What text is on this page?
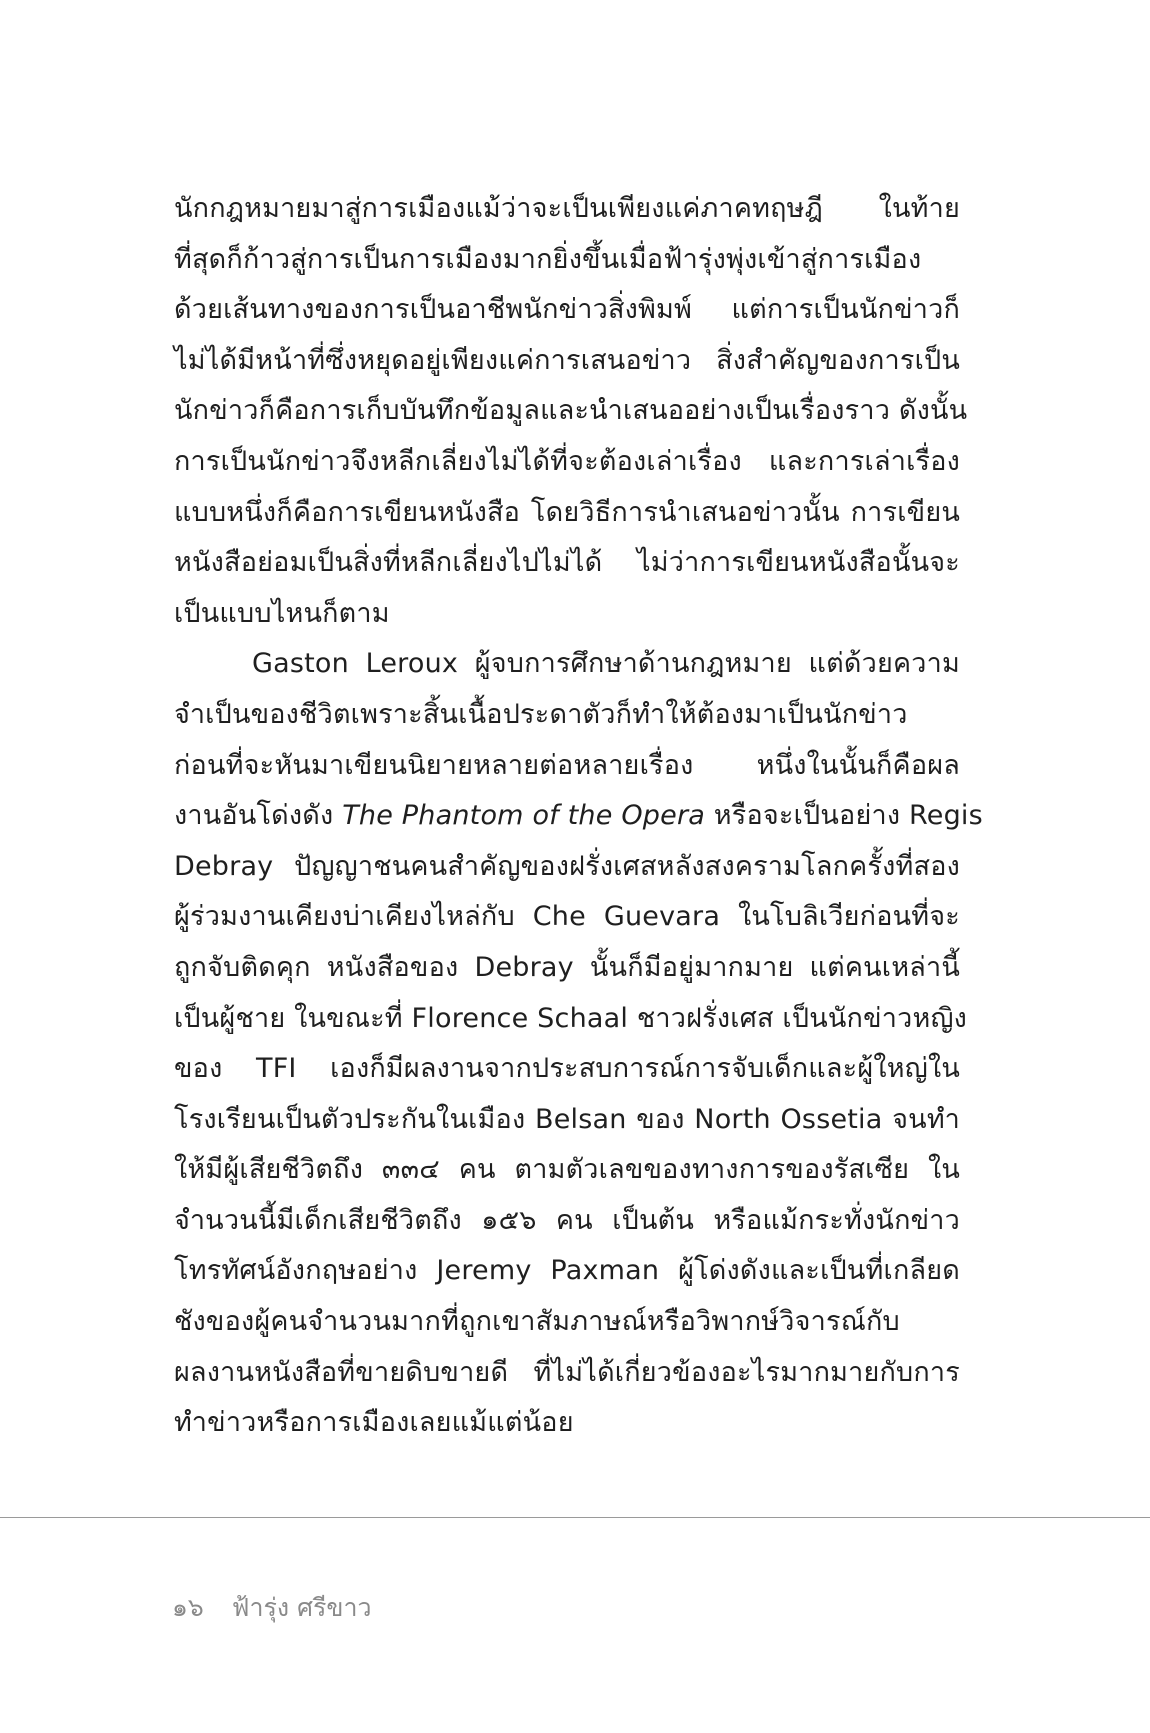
นักกฎหมายมาสู่การเมืองแม้ว่าจะเป็นเพียงแค่ภาคทฤษฎี ในท้าย
ที่สุดก็ก้าวสู่การเป็นการเมืองมากยิ่งขึ้นเมื่อฟ้ารุ่งพุ่งเข้าสู่การเมือง
ด้วยเส้นทางของการเป็นอาชีพนักข่าวสิ่งพิมพ์ แต่การเป็นนักข่าวก็
ไม่ได้มีหน้าที่ซึ่งหยุดอยู่เพียงแค่การเสนอข่าว สิ่งสำคัญของการเป็น
นักข่าวก็คือการเก็บบันทึกข้อมูลและนำเสนออย่างเป็นเรื่องราว ดังนั้น
การเป็นนักข่าวจึงหลีกเลี่ยงไม่ได้ที่จะต้องเล่าเรื่อง และการเล่าเรื่อง
แบบหนึ่งก็คือการเขียนหนังสือ โดยวิธีการนำเสนอข่าวนั้น การเขียน
หนังสือย่อมเป็นสิ่งที่หลีกเลี่ยงไปไม่ได้ ไม่ว่าการเขียนหนังสือนั้นจะ
เป็นแบบไหนก็ตาม
Gaston Leroux ผู้จบการศึกษาด้านกฎหมาย แต่ด้วยความ
จำเป็นของชีวิตเพราะสิ้นเนื้อประดาตัวก็ทำให้ต้องมาเป็นนักข่าว
ก่อนที่จะหันมาเขียนนิยายหลายต่อหลายเรื่อง หนึ่งในนั้นก็คือผล
งานอันโด่งดัง The Phantom of the Opera หรือจะเป็นอย่าง Regis
Debray ปัญญาชนคนสำคัญของฝรั่งเศสหลังสงครามโลกครั้งที่สอง
ผู้ร่วมงานเคียงบ่าเคียงไหล่กับ Che Guevara ในโบลิเวียก่อนที่จะ
ถูกจับติดคุก หนังสือของ Debray นั้นก็มีอยู่มากมาย แต่คนเหล่านี้
เป็นผู้ชาย ในขณะที่ Florence Schaal ชาวฝรั่งเศส เป็นนักข่าวหญิง
ของ TFI เองก็มีผลงานจากประสบการณ์การจับเด็กและผู้ใหญ่ใน
โรงเรียนเป็นตัวประกันในเมือง Belsan ของ North Ossetia จนทำ
ให้มีผู้เสียชีวิตถึง ๓๓๔ คน ตามตัวเลขของทางการของรัสเซีย ใน
จำนวนนี้มีเด็กเสียชีวิตถึง ๑๕๖ คน เป็นต้น หรือแม้กระทั่งนักข่าว
โทรทัศน์อังกฤษอย่าง Jeremy Paxman ผู้โด่งดังและเป็นที่เกลียด
ชังของผู้คนจำนวนมากที่ถูกเขาสัมภาษณ์หรือวิพากษ์วิจารณ์กับ
ผลงานหนังสือที่ขายดิบขายดี ที่ไม่ได้เกี่ยวข้องอะไรมากมายกับการ
ทำข่าวหรือการเมืองเลยแม้แต่น้อย
๑๖ ฟ้ารุ่ง ศรีขาว
